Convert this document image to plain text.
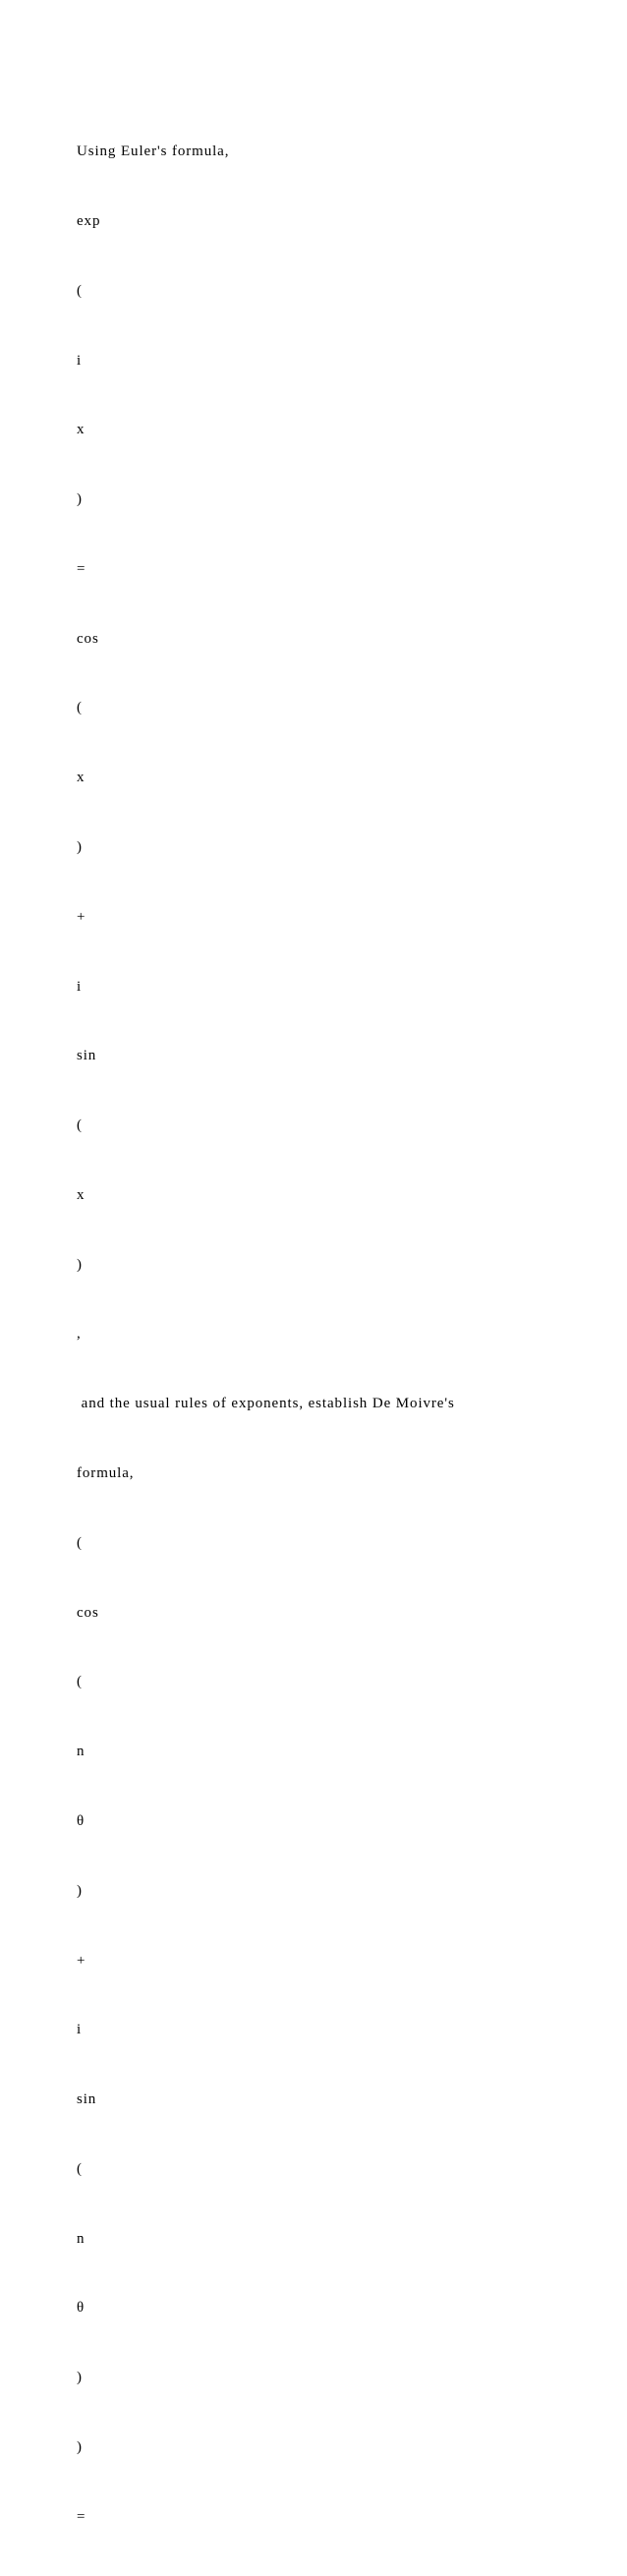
Using Euler's formula,

exp

(

i

x

)

=

cos

(

x

)

+

i

sin

(

x

)

,

and the usual rules of exponents, establish De Moivre's

formula,

(

cos

(

n

θ

)

+

i

sin

(

n

θ

)

)

=
